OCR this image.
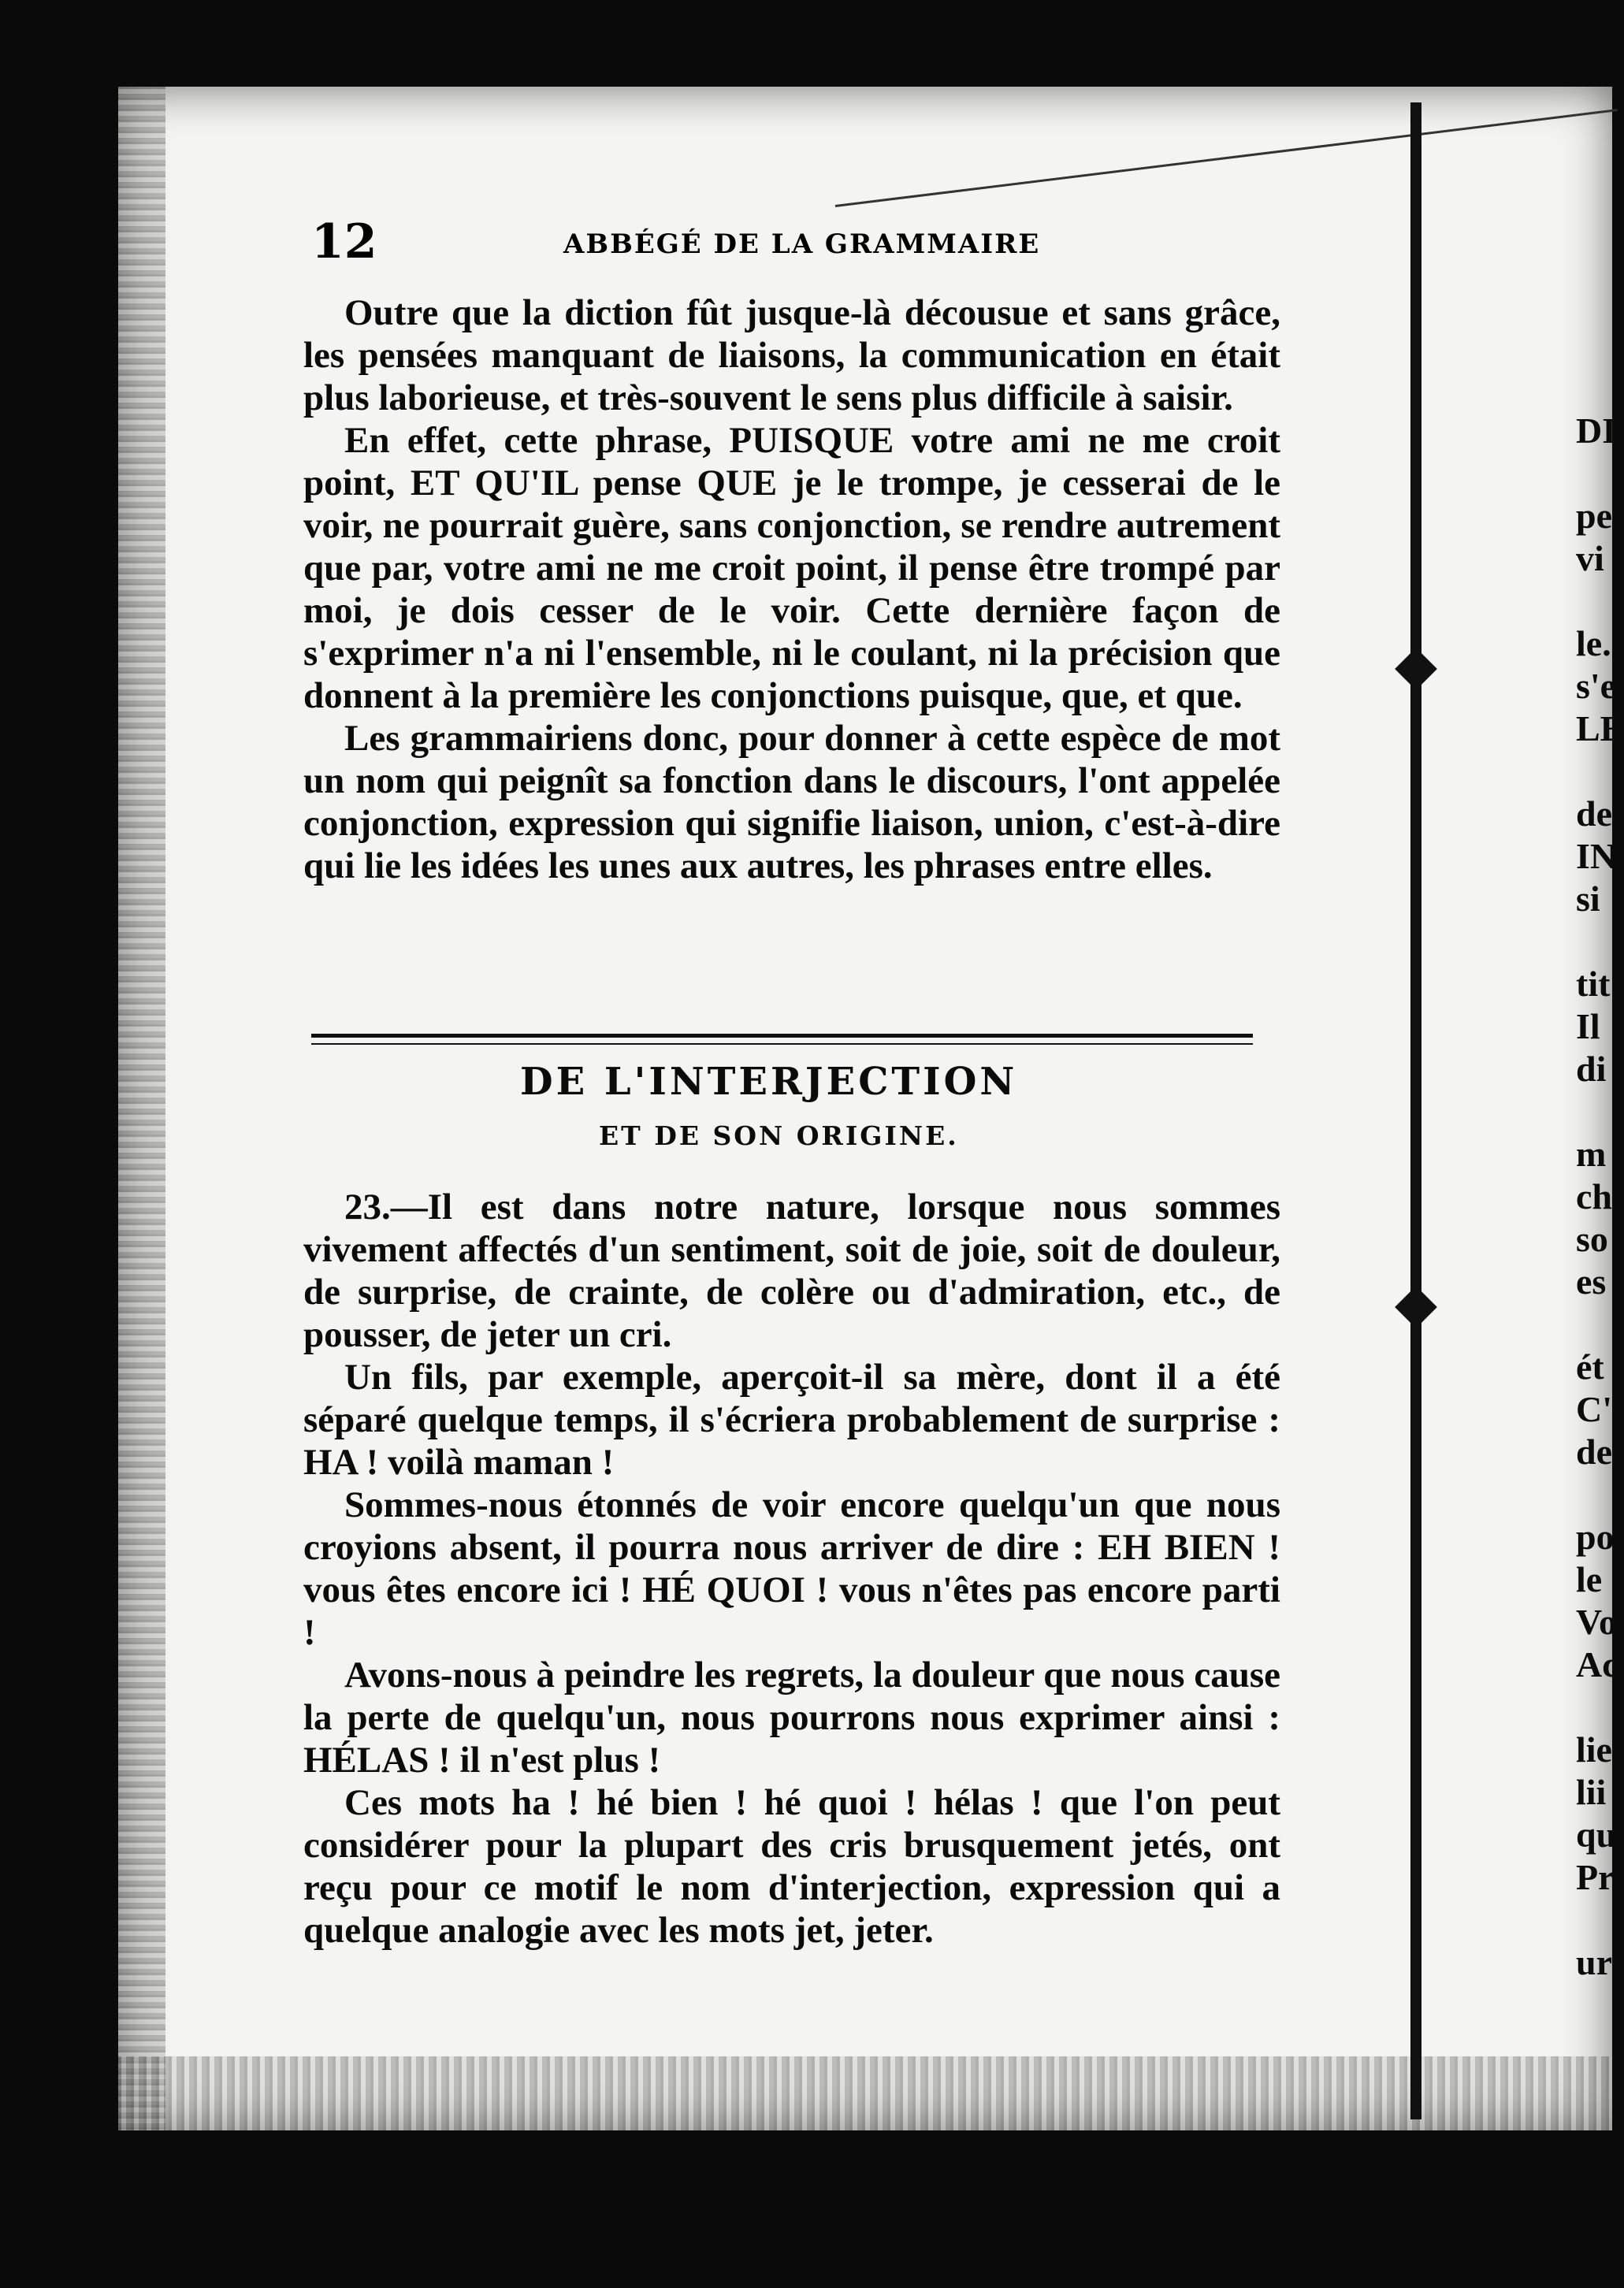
12	ABBÉGÉ DE LA GRAMMAIRE

Outre que la diction fût jusque-là décousue et sans grâce, les pensées manquant de liaisons, la communication en était plus laborieuse, et très-souvent le sens plus difficile à saisir.

En effet, cette phrase, PUISQUE votre ami ne me croit point, ET QU'IL pense QUE je le trompe, je cesserai de le voir, ne pourrait guère, sans conjonction, se rendre autrement que par, votre ami ne me croit point, il pense être trompé par moi, je dois cesser de le voir. Cette dernière façon de s'exprimer n'a ni l'ensemble, ni le coulant, ni la précision que donnent à la première les conjonctions puisque, que, et que.

Les grammairiens donc, pour donner à cette espèce de mot un nom qui peignît sa fonction dans le discours, l'ont appelée conjonction, expression qui signifie liaison, union, c'est-à-dire qui lie les idées les unes aux autres, les phrases entre elles.

DE L'INTERJECTION
ET DE SON ORIGINE.

23.—Il est dans notre nature, lorsque nous sommes vivement affectés d'un sentiment, soit de joie, soit de douleur, de surprise, de crainte, de colère ou d'admiration, etc., de pousser, de jeter un cri.

Un fils, par exemple, aperçoit-il sa mère, dont il a été séparé quelque temps, il s'écriera probablement de surprise : HA ! voilà maman !

Sommes-nous étonnés de voir encore quelqu'un que nous croyions absent, il pourra nous arriver de dire : EH BIEN ! vous êtes encore ici ! HÉ QUOI ! vous n'êtes pas encore parti !

Avons-nous à peindre les regrets, la douleur que nous cause la perte de quelqu'un, nous pourrons nous exprimer ainsi : HÉLAS ! il n'est plus !

Ces mots ha ! hé bien ! hé quoi ! hélas ! que l'on peut considérer pour la plupart des cris brusquement jetés, ont reçu pour ce motif le nom d'interjection, expression qui a quelque analogie avec les mots jet, jeter.

DI
pe
vi
le.
s'e
LE
de
IN
si
tit
Il
di
m
ch
so
es
ét
C'
de
po
le
Vo
Ac
lie
lii
qu
Pr
ur
